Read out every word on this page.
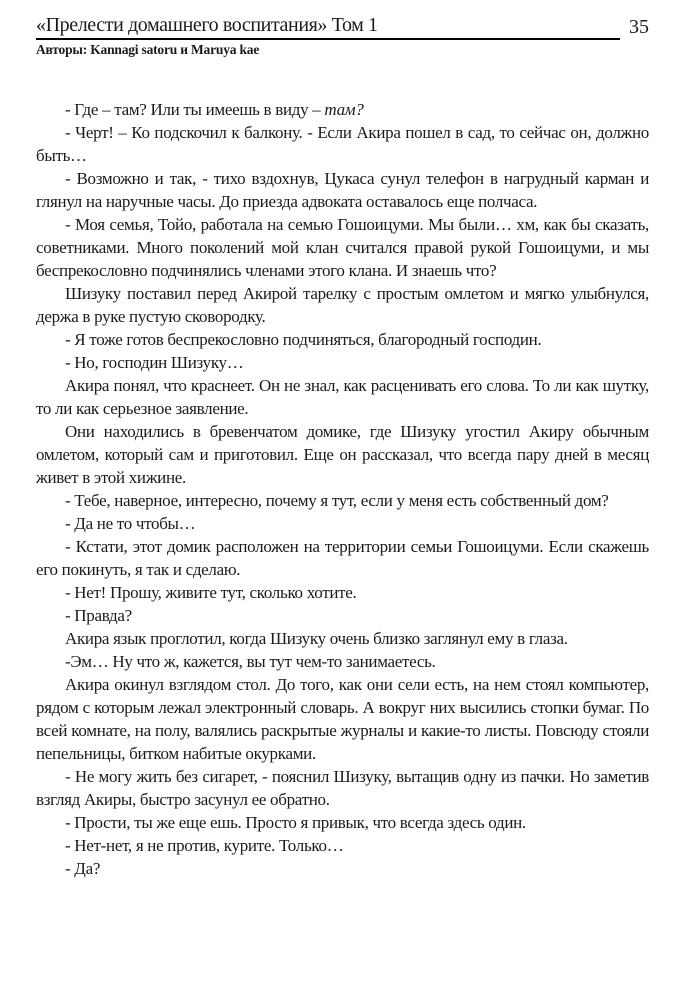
«Прелести домашнего воспитания» Том 1	35
Авторы: Kannagi satoru и Maruya kae

- Где – там? Или ты имеешь в виду – там?

- Черт! – Ко подскочил к балкону. - Если Акира пошел в сад, то сейчас он, должно быть…

- Возможно и так, - тихо вздохнув, Цукаса сунул телефон в нагрудный карман и глянул на наручные часы. До приезда адвоката оставалось еще полчаса.

- Моя семья, Тойо, работала на семью Гошоицуми. Мы были… хм, как бы сказать, советниками. Много поколений мой клан считался правой рукой Гошоицуми, и мы беспрекословно подчинялись членами этого клана. И знаешь что?

Шизуку поставил перед Акирой тарелку с простым омлетом и мягко улыбнулся, держа в руке пустую сковородку.

- Я тоже готов беспрекословно подчиняться, благородный господин.

- Но, господин Шизуку…

Акира понял, что краснеет. Он не знал, как расценивать его слова. То ли как шутку, то ли как серьезное заявление.

Они находились в бревенчатом домике, где Шизуку угостил Акиру обычным омлетом, который сам и приготовил. Еще он рассказал, что всегда пару дней в месяц живет в этой хижине.

- Тебе, наверное, интересно, почему я тут, если у меня есть собственный дом?

- Да не то чтобы…

- Кстати, этот домик расположен на территории семьи Гошоицуми. Если скажешь его покинуть, я так и сделаю.

- Нет! Прошу, живите тут, сколько хотите.

- Правда?

Акира язык проглотил, когда Шизуку очень близко заглянул ему в глаза.

-Эм… Ну что ж, кажется, вы тут чем-то занимаетесь.

Акира окинул взглядом стол. До того, как они сели есть, на нем стоял компьютер, рядом с которым лежал электронный словарь. А вокруг них высились стопки бумаг. По всей комнате, на полу, валялись раскрытые журналы и какие-то листы. Повсюду стояли пепельницы, битком набитые окурками.

- Не могу жить без сигарет, - пояснил Шизуку, вытащив одну из пачки. Но заметив взгляд Акиры, быстро засунул ее обратно.

- Прости, ты же еще ешь. Просто я привык, что всегда здесь один.

- Нет-нет, я не против, курите. Только…

- Да?
